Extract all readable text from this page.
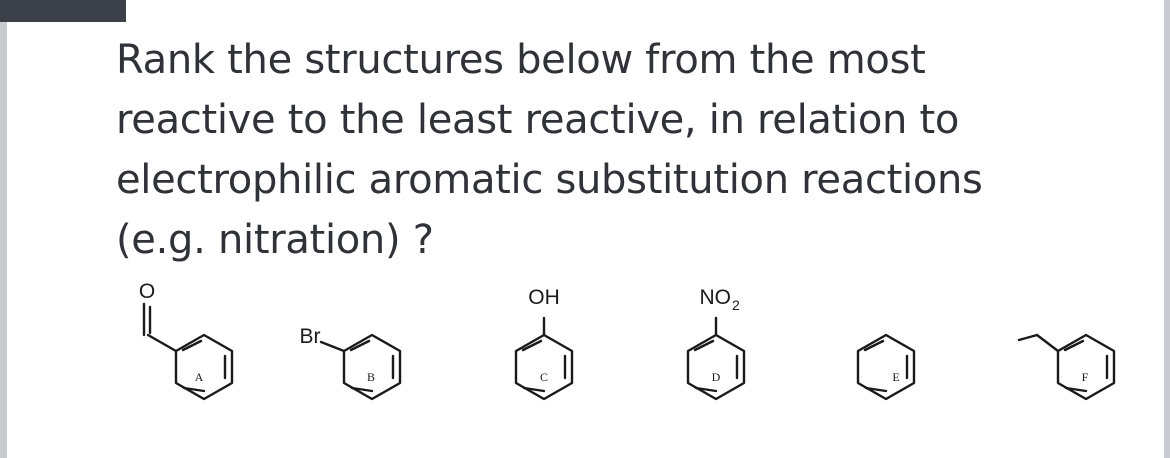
Rank the structures below from the most
reactive to the least reactive, in relation to
electrophilic aromatic substitution reactions
(e.g. nitration) ?
O
Br
OH	NO 2
A	B	C	D	E	F
